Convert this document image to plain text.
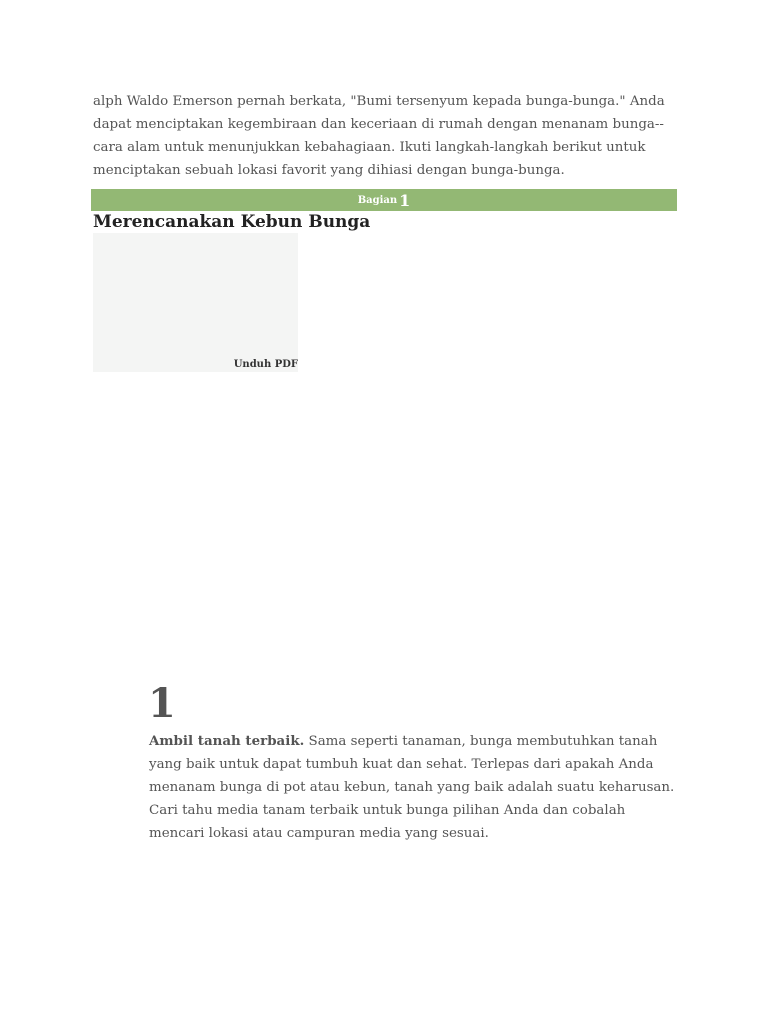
alph Waldo Emerson pernah berkata, "Bumi tersenyum kepada bunga-bunga." Anda dapat menciptakan kegembiraan dan keceriaan di rumah dengan menanam bunga--cara alam untuk menunjukkan kebahagiaan. Ikuti langkah-langkah berikut untuk menciptakan sebuah lokasi favorit yang dihiasi dengan bunga-bunga.

Bagian 1
Merencanakan Kebun Bunga
Unduh PDF
1

Ambil tanah terbaik. Sama seperti tanaman, bunga membutuhkan tanah yang baik untuk dapat tumbuh kuat dan sehat. Terlepas dari apakah Anda menanam bunga di pot atau kebun, tanah yang baik adalah suatu keharusan. Cari tahu media tanam terbaik untuk bunga pilihan Anda dan cobalah mencari lokasi atau campuran media yang sesuai.
